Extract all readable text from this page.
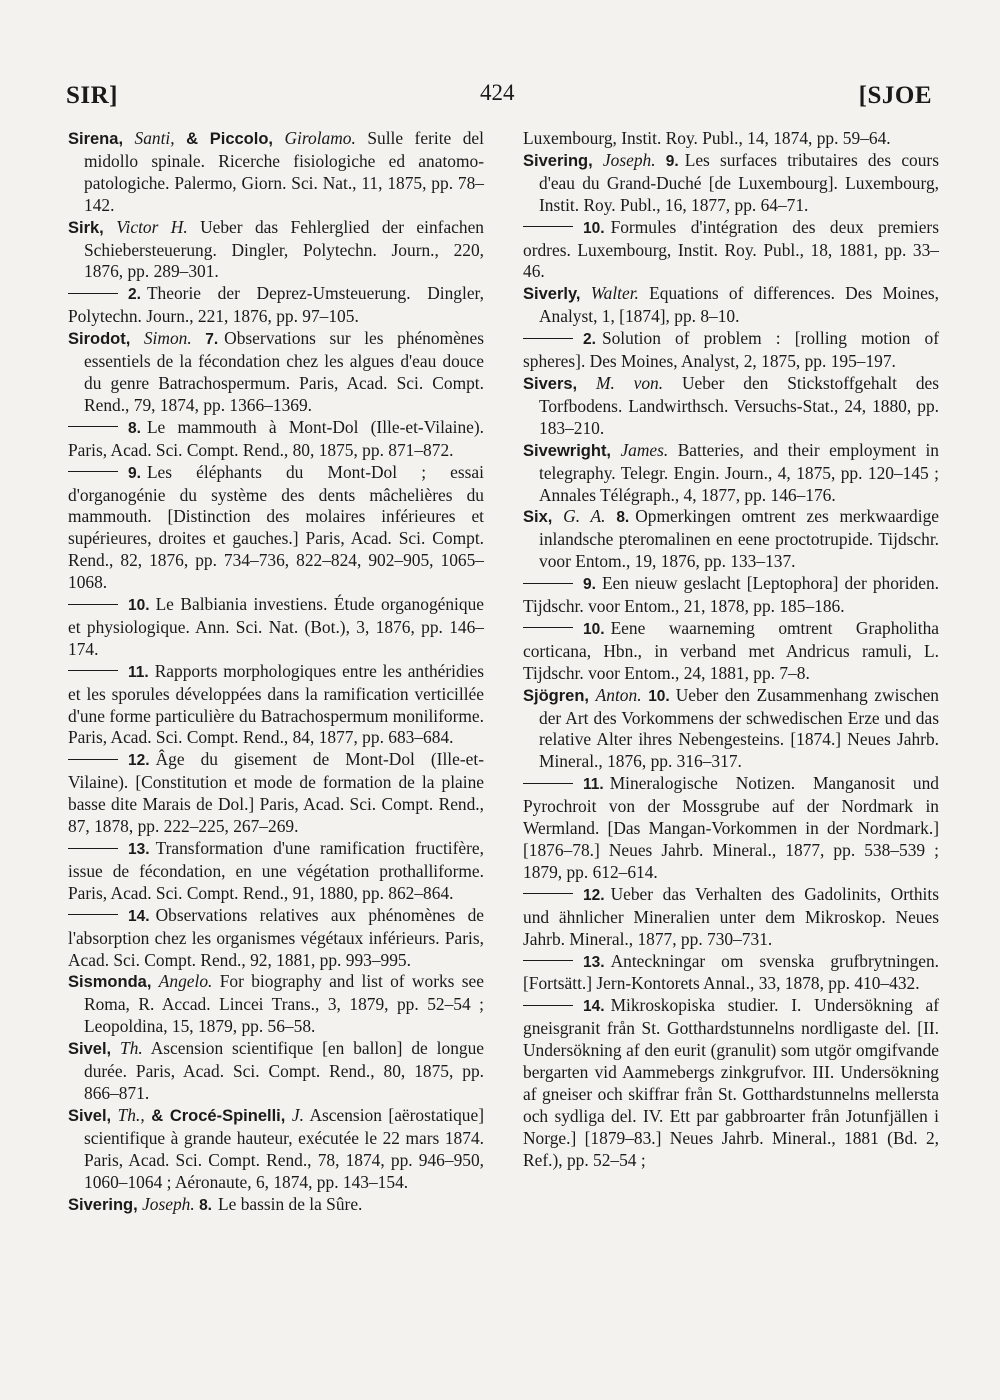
SIR]	424	[SJOE

Sirena, Santi, & Piccolo, Girolamo. Sulle ferite del midollo spinale. Ricerche fisiologiche ed anatomo-patologiche. Palermo, Giorn. Sci. Nat., 11, 1875, pp. 78–142.

Sirk, Victor H. Ueber das Fehlerglied der einfachen Schiebersteuerung. Dingler, Polytechn. Journ., 220, 1876, pp. 289–301.

2. Theorie der Deprez-Umsteuerung. Dingler, Polytechn. Journ., 221, 1876, pp. 97–105.

Sirodot, Simon. 7. Observations sur les phénomènes essentiels de la fécondation chez les algues d'eau douce du genre Batrachospermum. Paris, Acad. Sci. Compt. Rend., 79, 1874, pp. 1366–1369.

8. Le mammouth à Mont-Dol (Ille-et-Vilaine). Paris, Acad. Sci. Compt. Rend., 80, 1875, pp. 871–872.

9. Les éléphants du Mont-Dol ; essai d'organogénie du système des dents mâchelières du mammouth. [Distinction des molaires inférieures et supérieures, droites et gauches.] Paris, Acad. Sci. Compt. Rend., 82, 1876, pp. 734–736, 822–824, 902–905, 1065–1068.

10. Le Balbiania investiens. Étude organogénique et physiologique. Ann. Sci. Nat. (Bot.), 3, 1876, pp. 146–174.

11. Rapports morphologiques entre les anthéridies et les sporules développées dans la ramification verticillée d'une forme particulière du Batrachospermum moniliforme. Paris, Acad. Sci. Compt. Rend., 84, 1877, pp. 683–684.

12. Âge du gisement de Mont-Dol (Ille-et-Vilaine). [Constitution et mode de formation de la plaine basse dite Marais de Dol.] Paris, Acad. Sci. Compt. Rend., 87, 1878, pp. 222–225, 267–269.

13. Transformation d'une ramification fructifère, issue de fécondation, en une végétation prothalliforme. Paris, Acad. Sci. Compt. Rend., 91, 1880, pp. 862–864.

14. Observations relatives aux phénomènes de l'absorption chez les organismes végétaux inférieurs. Paris, Acad. Sci. Compt. Rend., 92, 1881, pp. 993–995.

Sismonda, Angelo. For biography and list of works see Roma, R. Accad. Lincei Trans., 3, 1879, pp. 52–54 ; Leopoldina, 15, 1879, pp. 56–58.

Sivel, Th. Ascension scientifique [en ballon] de longue durée. Paris, Acad. Sci. Compt. Rend., 80, 1875, pp. 866–871.

Sivel, Th., & Crocé-Spinelli, J. Ascension [aërostatique] scientifique à grande hauteur, exécutée le 22 mars 1874. Paris, Acad. Sci. Compt. Rend., 78, 1874, pp. 946–950, 1060–1064 ; Aéronaute, 6, 1874, pp. 143–154.

Sivering, Joseph. 8. Le bassin de la Sûre.

Luxembourg, Instit. Roy. Publ., 14, 1874, pp. 59–64.

Sivering, Joseph. 9. Les surfaces tributaires des cours d'eau du Grand-Duché [de Luxembourg]. Luxembourg, Instit. Roy. Publ., 16, 1877, pp. 64–71.

10. Formules d'intégration des deux premiers ordres. Luxembourg, Instit. Roy. Publ., 18, 1881, pp. 33–46.

Siverly, Walter. Equations of differences. Des Moines, Analyst, 1, [1874], pp. 8–10.

2. Solution of problem : [rolling motion of spheres]. Des Moines, Analyst, 2, 1875, pp. 195–197.

Sivers, M. von. Ueber den Stickstoffgehalt des Torfbodens. Landwirthsch. Versuchs-Stat., 24, 1880, pp. 183–210.

Sivewright, James. Batteries, and their employment in telegraphy. Telegr. Engin. Journ., 4, 1875, pp. 120–145 ; Annales Télégraph., 4, 1877, pp. 146–176.

Six, G. A. 8. Opmerkingen omtrent zes merkwaardige inlandsche pteromalinen en eene proctotrupide. Tijdschr. voor Entom., 19, 1876, pp. 133–137.

9. Een nieuw geslacht [Leptophora] der phoriden. Tijdschr. voor Entom., 21, 1878, pp. 185–186.

10. Eene waarneming omtrent Grapholitha corticana, Hbn., in verband met Andricus ramuli, L. Tijdschr. voor Entom., 24, 1881, pp. 7–8.

Sjögren, Anton. 10. Ueber den Zusammenhang zwischen der Art des Vorkommens der schwedischen Erze und das relative Alter ihres Nebengesteins. [1874.] Neues Jahrb. Mineral., 1876, pp. 316–317.

11. Mineralogische Notizen. Manganosit und Pyrochroit von der Mossgrube auf der Nordmark in Wermland. [Das Mangan-Vorkommen in der Nordmark.] [1876–78.] Neues Jahrb. Mineral., 1877, pp. 538–539 ; 1879, pp. 612–614.

12. Ueber das Verhalten des Gadolinits, Orthits und ähnlicher Mineralien unter dem Mikroskop. Neues Jahrb. Mineral., 1877, pp. 730–731.

13. Anteckningar om svenska grufbrytningen. [Fortsätt.] Jern-Kontorets Annal., 33, 1878, pp. 410–432.

14. Mikroskopiska studier. I. Undersökning af gneisgranit från St. Gotthardstunnelns nordligaste del. [II. Undersökning af den eurit (granulit) som utgör omgifvande bergarten vid Aammebergs zinkgrufvor. III. Undersökning af gneiser och skiffrar från St. Gotthardstunnelns mellersta och sydliga del. IV. Ett par gabbroarter från Jotunfjällen i Norge.] [1879–83.] Neues Jahrb. Mineral., 1881 (Bd. 2, Ref.), pp. 52–54 ;
